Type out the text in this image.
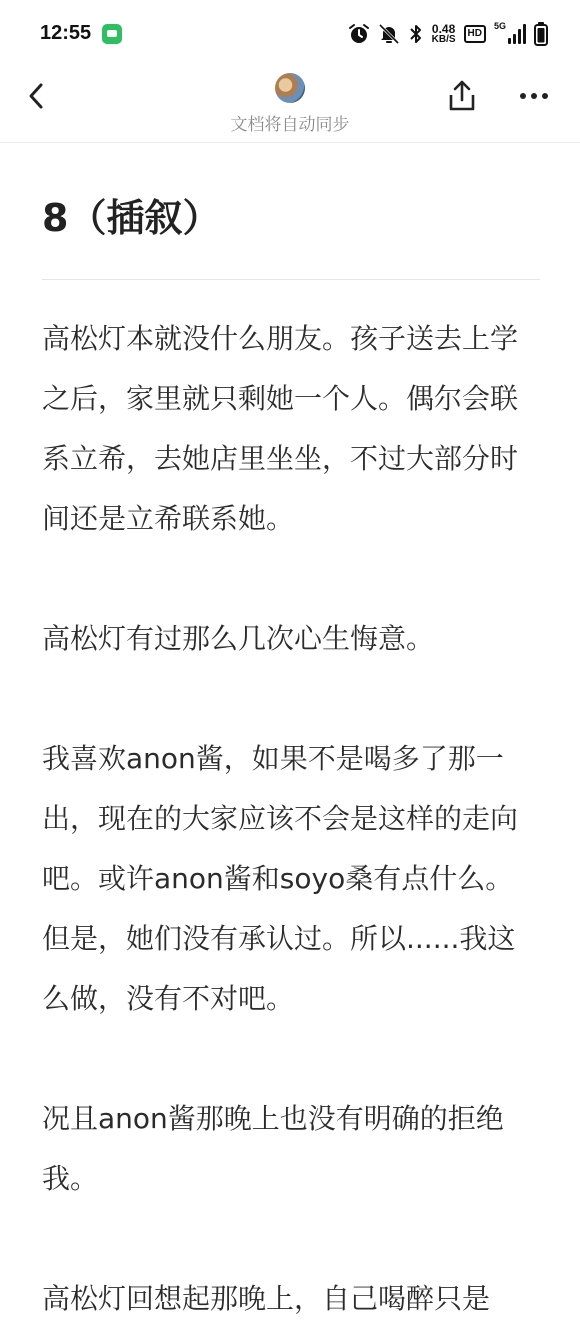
12:55	0.48
KB/S
HD
5G
文档将自动同步
8（插叙）

高松灯本就没什么朋友。孩子送去上学之后，家里就只剩她一个人。偶尔会联系立希，去她店里坐坐，不过大部分时间还是立希联系她。

高松灯有过那么几次心生悔意。

我喜欢anon酱，如果不是喝多了那一出，现在的大家应该不会是这样的走向吧。或许anon酱和soyo桑有点什么。但是，她们没有承认过。所以......我这么做，没有不对吧。

况且anon酱那晚上也没有明确的拒绝我。

高松灯回想起那晚上，自己喝醉只是
